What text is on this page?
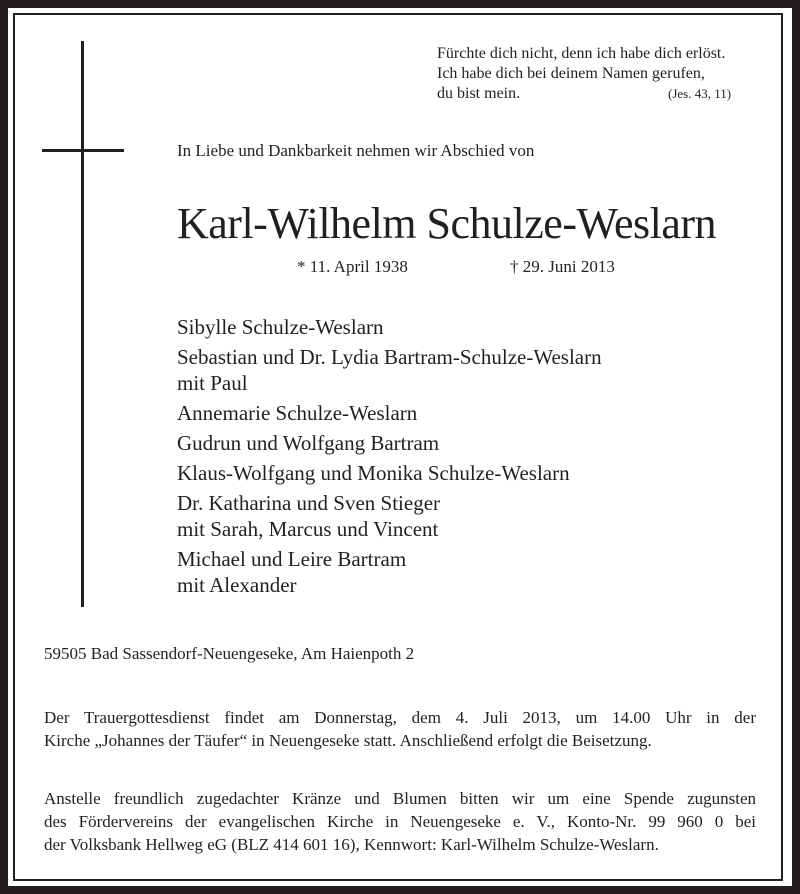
Fürchte dich nicht, denn ich habe dich erlöst.
Ich habe dich bei deinem Namen gerufen,
du bist mein.	(Jes. 43, 11)
In Liebe und Dankbarkeit nehmen wir Abschied von
Karl-Wilhelm Schulze-Weslarn
* 11. April 1938	† 29. Juni 2013
Sibylle Schulze-Weslarn
Sebastian und Dr. Lydia Bartram-Schulze-Weslarn
mit Paul
Annemarie Schulze-Weslarn
Gudrun und Wolfgang Bartram
Klaus-Wolfgang und Monika Schulze-Weslarn
Dr. Katharina und Sven Stieger
mit Sarah, Marcus und Vincent
Michael und Leire Bartram
mit Alexander
59505 Bad Sassendorf-Neuengeseke, Am Haienpoth 2
Der Trauergottesdienst findet am Donnerstag, dem 4. Juli 2013, um 14.00 Uhr in der
Kirche „Johannes der Täufer“ in Neuengeseke statt. Anschließend erfolgt die Beisetzung.
Anstelle freundlich zugedachter Kränze und Blumen bitten wir um eine Spende zugunsten
des Fördervereins der evangelischen Kirche in Neuengeseke e. V., Konto-Nr. 99 960 0 bei
der Volksbank Hellweg eG (BLZ 414 601 16), Kennwort: Karl-Wilhelm Schulze-Weslarn.
